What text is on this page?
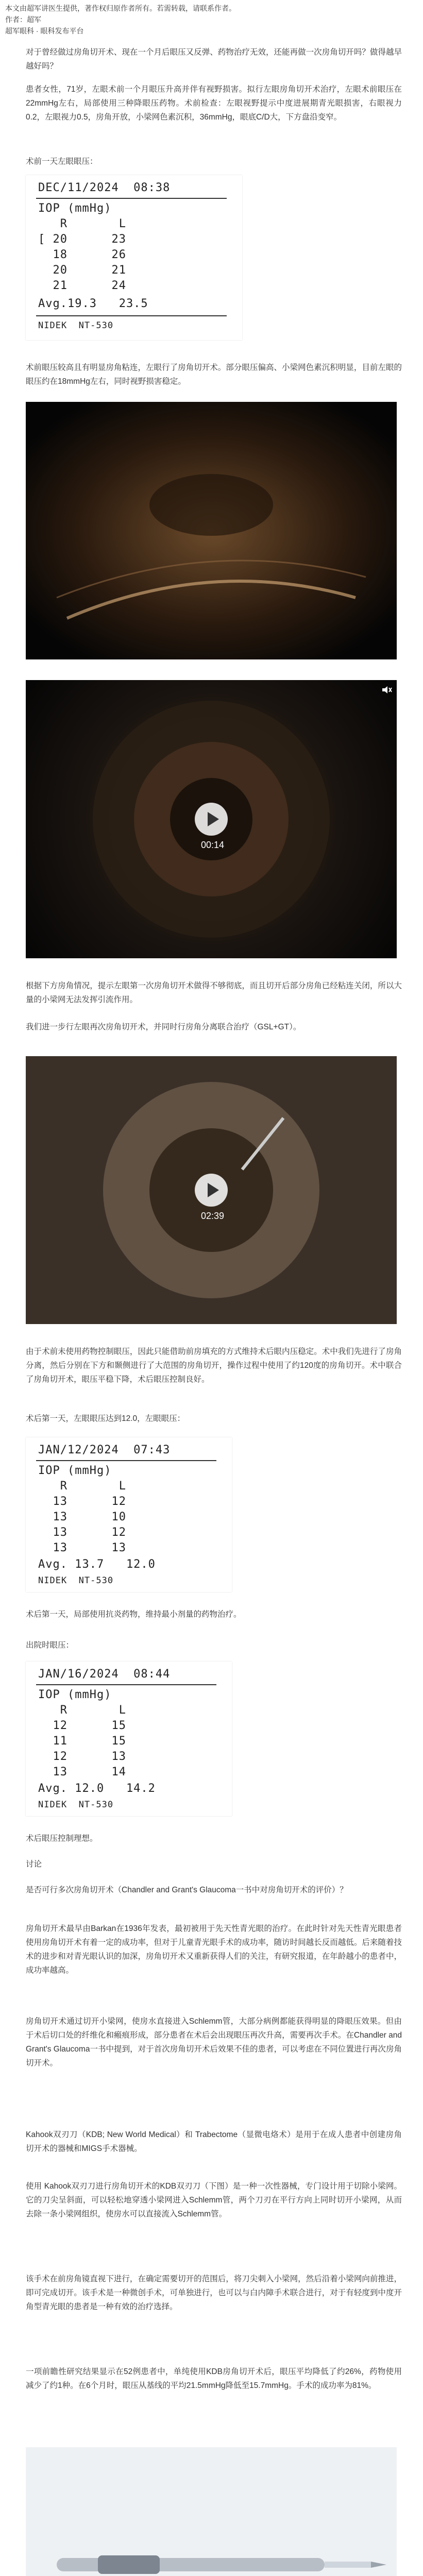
本文由超军讲医生提供，著作权归原作者所有。若需转载，请联系作者。
作者：超军
超军眼科 · 眼科发布平台

对于曾经做过房角切开术、现在一个月后眼压又反弹、药物治疗无效，还能再做一次房角切开吗？做得越早越好吗？

患者女性，71岁，左眼术前一个月眼压升高并伴有视野损害。拟行左眼房角切开术治疗，左眼术前眼压在22mmHg左右，局部使用三种降眼压药物。术前检查：左眼视野提示中度进展期青光眼损害，右眼视力0.2，左眼视力0.5，房角开放，小梁网色素沉积，36mmHg，眼底C/D大，下方盘沿变窄。

术前一天左眼眼压：
DEC/11/2024  08:38
IOP (mmHg)
R       L
[ 20      23
18      26
20      21
21      24
Avg.19.3   23.5
NIDEK  NT-530

术前眼压较高且有明显房角粘连，左眼行了房角切开术。部分眼压偏高、小梁网色素沉积明显，目前左眼的眼压约在18mmHg左右，同时视野损害稳定。

00:14

根据下方房角情况，提示左眼第一次房角切开术做得不够彻底，而且切开后部分房角已经粘连关闭，所以大量的小梁网无法发挥引流作用。

我们进一步行左眼再次房角切开术，并同时行房角分离联合治疗（GSL+GT）。

02:39

由于术前未使用药物控制眼压，因此只能借助前房填充的方式维持术后眼内压稳定。术中我们先进行了房角分离，然后分别在下方和颞侧进行了大范围的房角切开，操作过程中使用了约120度的房角切开。术中联合了房角切开术，眼压平稳下降，术后眼压控制良好。

术后第一天，左眼眼压达到12.0，左眼眼压：

JAN/12/2024  07:43
IOP (mmHg)
R       L
13      12
13      10
13      12
13      13
Avg. 13.7   12.0
NIDEK  NT-530

术后第一天，局部使用抗炎药物，维持最小剂量的药物治疗。

出院时眼压：
JAN/16/2024  08:44
IOP (mmHg)
R       L
12      15
11      15
12      13
13      14
Avg. 12.0   14.2
NIDEK  NT-530
术后眼压控制理想。
讨论

是否可行多次房角切开术（Chandler and Grant's Glaucoma一书中对房角切开术的评价）？

房角切开术最早由Barkan在1936年发表，最初被用于先天性青光眼的治疗。在此时针对先天性青光眼患者使用房角切开术有着一定的成功率，但对于儿童青光眼手术的成功率，随访时间越长反而越低。后来随着技术的进步和对青光眼认识的加深，房角切开术又重新获得人们的关注，有研究报道，在年龄越小的患者中，成功率越高。

房角切开术通过切开小梁网，使房水直接进入Schlemm管，大部分病例都能获得明显的降眼压效果。但由于术后切口处的纤维化和瘢痕形成，部分患者在术后会出现眼压再次升高，需要再次手术。在Chandler and Grant's Glaucoma一书中提到，对于首次房角切开术后效果不佳的患者，可以考虑在不同位置进行再次房角切开术。

Kahook双刃刀（KDB; New World Medical）和 Trabectome（显微电烙术）是用于在成人患者中创建房角切开术的器械和MIGS手术器械。

使用 Kahook双刃刀进行房角切开术的KDB双刃刀（下图）是一种一次性器械，专门设计用于切除小梁网。它的刀尖呈斜面，可以轻松地穿透小梁网进入Schlemm管，两个刀刃在平行方向上同时切开小梁网，从而去除一条小梁网组织，使房水可以直接流入Schlemm管。

该手术在前房角镜直视下进行，在确定需要切开的范围后，将刀尖刺入小梁网，然后沿着小梁网向前推进，即可完成切开。该手术是一种微创手术，可单独进行，也可以与白内障手术联合进行，对于有轻度到中度开角型青光眼的患者是一种有效的治疗选择。

一项前瞻性研究结果显示在52例患者中，单纯使用KDB房角切开术后，眼压平均降低了约26%，药物使用减少了约1种。在6个月时，眼压从基线的平均21.5mmHg降低至15.7mmHg。手术的成功率为81%。
